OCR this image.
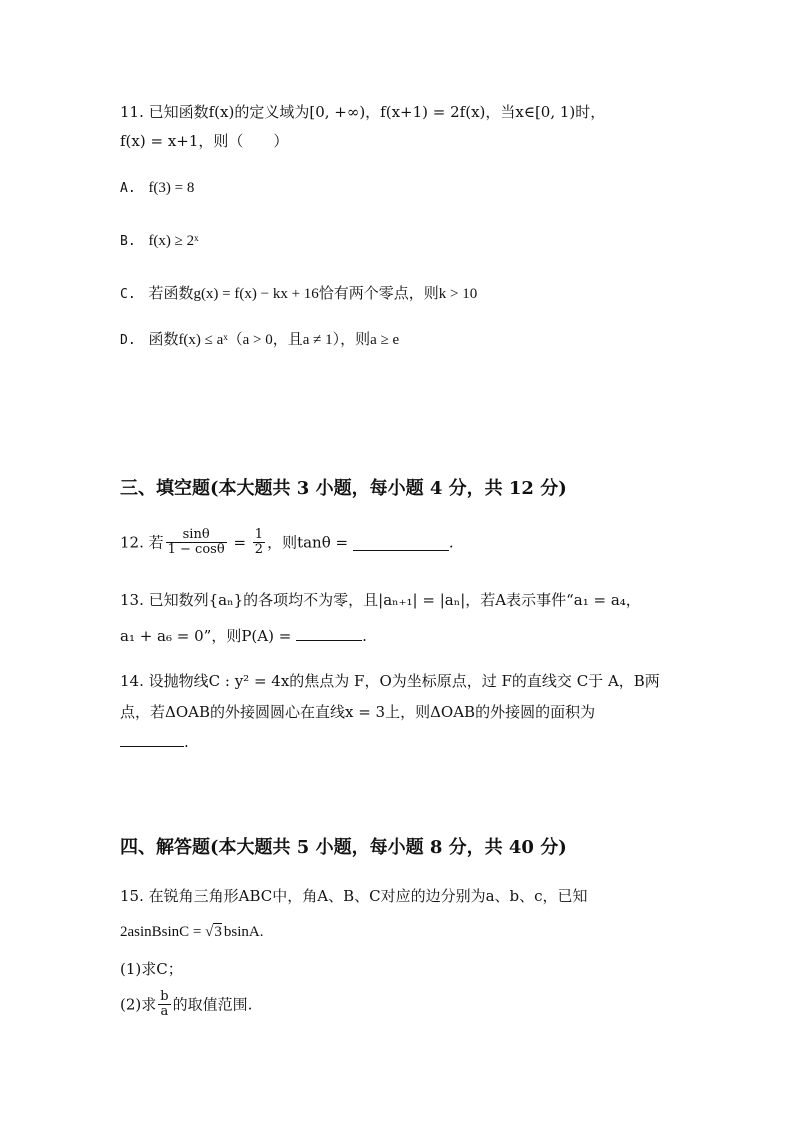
11. 已知函数f(x)的定义域为[0, +∞)，f(x+1) = 2f(x)，当x∈[0, 1)时，
f(x) = x+1，则（　　）
A. f(3) = 8
B. f(x) ≥ 2ˣ
C. 若函数g(x) = f(x) − kx + 16恰有两个零点，则k > 10
D. 函数f(x) ≤ aˣ（a > 0，且a ≠ 1），则a ≥ e
三、填空题(本大题共 3 小题，每小题 4 分，共 12 分)
12. 若 $\frac{\sin\theta}{1 - \cos\theta} = \frac{1}{2}$ ，则tanθ =	.
13. 已知数列{aₙ}的各项均不为零，且|aₙ₊₁| = |aₙ|，若A表示事件“a₁ = a₄，
a₁ + a₆ = 0”，则P(A) =	.
14. 设抛物线C : y² = 4x的焦点为 F，O为坐标原点，过 F的直线交 C于 A，B两
点，若ΔOAB的外接圆圆心在直线x = 3上，则ΔOAB的外接圆的面积为
.
四、解答题(本大题共 5 小题，每小题 8 分，共 40 分)
15. 在锐角三角形ABC中，角A、B、C对应的边分别为a、b、c，已知
2asinBsinC = √3 bsinA.
(1)求C；
(2)求 $\frac{b}{a}$ 的取值范围.
